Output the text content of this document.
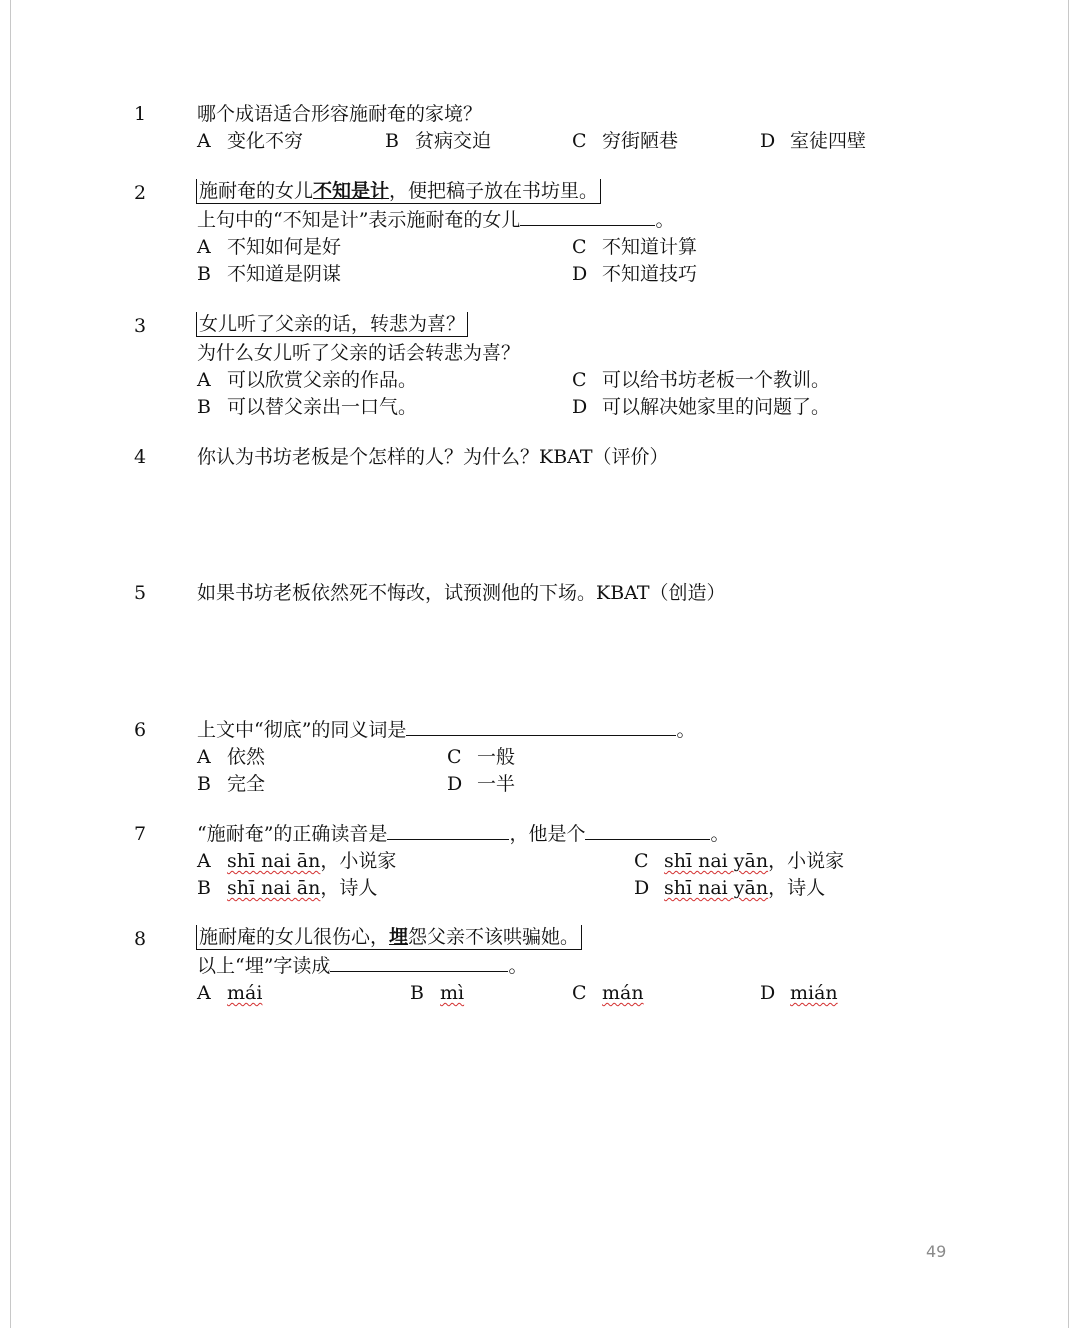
1	哪个成语适合形容施耐奄的家境？
A 变化不穷	B 贫病交迫	C 穷街陋巷	D 室徒四壁
2	施耐奄的女儿不知是计，便把稿子放在书坊里。
上句中的“不知是计”表示施耐奄的女儿	。
A 不知如何是好	C 不知道计算
B 不知道是阴谋	D 不知道技巧
3	女儿听了父亲的话，转悲为喜？
为什么女儿听了父亲的话会转悲为喜？
A 可以欣赏父亲的作品。	C 可以给书坊老板一个教训。
B 可以替父亲出一口气。	D 可以解决她家里的问题了。
4	你认为书坊老板是个怎样的人？为什么？KBAT（评价）
5	如果书坊老板依然死不悔改，试预测他的下场。KBAT（创造）
6	上文中“彻底”的同义词是	。
A 依然	C 一般
B 完全	D 一半
7	“施耐奄”的正确读音是	，他是个	。
A shī nai ān，小说家	C shī nai yān，小说家
B shī nai ān，诗人	D shī nai yān，诗人
8	施耐庵的女儿很伤心，埋怨父亲不该哄骗她。
以上“埋”字读成	。
A mái	B mì	C mán	D mián
49
